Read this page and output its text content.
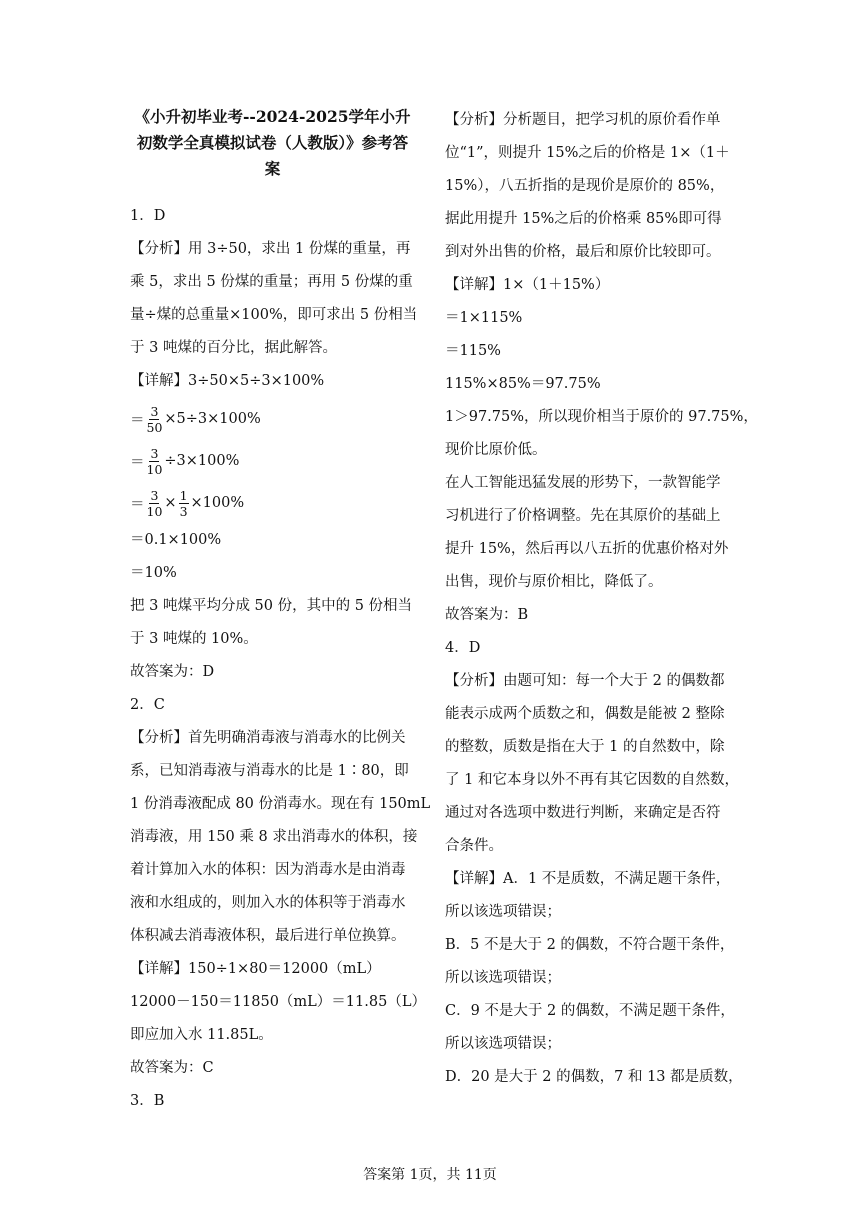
《小升初毕业考--2024-2025学年小升初数学全真模拟试卷（人教版）》参考答案
1．D
【分析】用 3÷50，求出 1 份煤的重量，再
乘 5，求出 5 份煤的重量；再用 5 份煤的重
量÷煤的总重量×100%，即可求出 5 份相当
于 3 吨煤的百分比，据此解答。
【详解】3÷50×5÷3×100%
＝ $\frac{3}{50} \times 5\div 3\times 100\%$
＝ $\frac{3}{10} \div 3\times 100\%$
＝ $\frac{3}{10} \times \frac{1}{3} \times 100\%$
＝0.1×100%
＝10%
把 3 吨煤平均分成 50 份，其中的 5 份相当
于 3 吨煤的 10%。
故答案为：D
2．C
【分析】首先明确消毒液与消毒水的比例关
系，已知消毒液与消毒水的比是 1∶80，即
1 份消毒液配成 80 份消毒水。现在有 150mL
消毒液，用 150 乘 8 求出消毒水的体积，接
着计算加入水的体积：因为消毒水是由消毒
液和水组成的，则加入水的体积等于消毒水
体积减去消毒液体积，最后进行单位换算。
【详解】150÷1×80＝12000（mL）
12000－150＝11850（mL）＝11.85（L）
即应加入水 11.85L。
故答案为：C
3．B
【分析】分析题目，把学习机的原价看作单
位“1”，则提升 15%之后的价格是 1×（1＋
15%），八五折指的是现价是原价的 85%，
据此用提升 15%之后的价格乘 85%即可得
到对外出售的价格，最后和原价比较即可。
【详解】1×（1＋15%）
＝1×115%
＝115%
115%×85%＝97.75%
1＞97.75%，所以现价相当于原价的 97.75%，
现价比原价低。
在人工智能迅猛发展的形势下，一款智能学
习机进行了价格调整。先在其原价的基础上
提升 15%，然后再以八五折的优惠价格对外
出售，现价与原价相比，降低了。
故答案为：B
4．D
【分析】由题可知：每一个大于 2 的偶数都
能表示成两个质数之和，偶数是能被 2 整除
的整数，质数是指在大于 1 的自然数中，除
了 1 和它本身以外不再有其它因数的自然数，
通过对各选项中数进行判断，来确定是否符
合条件。
【详解】A．1 不是质数，不满足题干条件，
所以该选项错误；
B．5 不是大于 2 的偶数，不符合题干条件，
所以该选项错误；
C．9 不是大于 2 的偶数，不满足题干条件，
所以该选项错误；
D．20 是大于 2 的偶数，7 和 13 都是质数，
答案第 1页，共 11页
